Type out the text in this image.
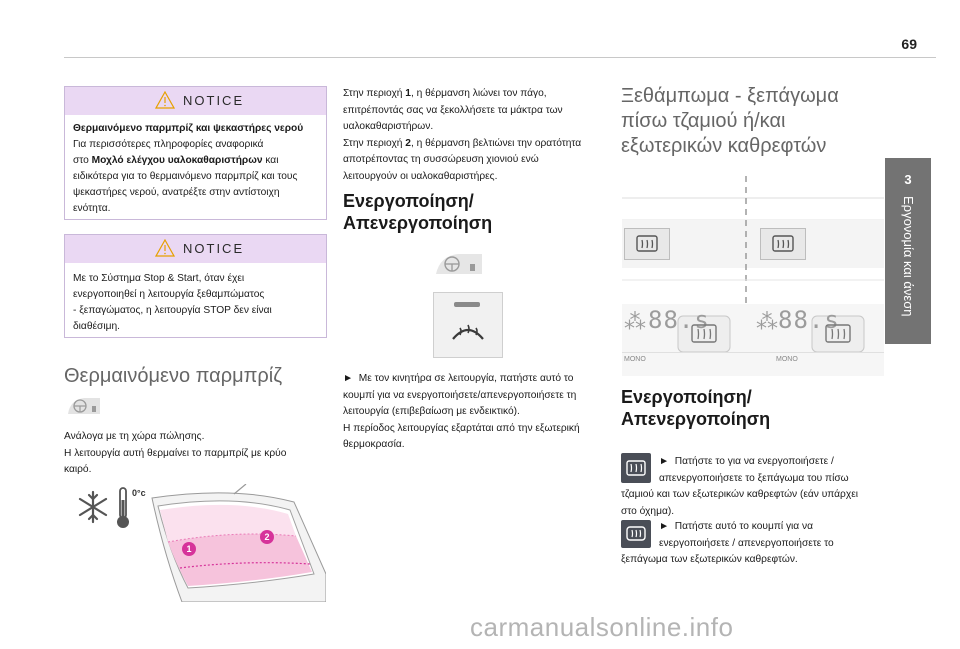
69
3
Εργονομία και άνεση
NOTICE
Θερμαινόμενο παρμπρίζ και ψεκαστήρες νερού
Για περισσότερες πληροφορίες αναφορικά
στο Μοχλό ελέγχου υαλοκαθαριστήρων και
ειδικότερα για το θερμαινόμενο παρμπρίζ και τους
ψεκαστήρες νερού, ανατρέξτε στην αντίστοιχη
ενότητα.
NOTICE
Με το Σύστημα Stop & Start, όταν έχει
ενεργοποιηθεί η λειτουργία ξεθαμπώματος
- ξεπαγώματος, η λειτουργία STOP δεν είναι
διαθέσιμη.
Θερμαινόμενο παρμπρίζ
Ανάλογα με τη χώρα πώλησης.
Η λειτουργία αυτή θερμαίνει το παρμπρίζ με κρύο
καιρό.
0°c
1
2
Στην περιοχή 1, η θέρμανση λιώνει τον πάγο,
επιτρέποντάς σας να ξεκολλήσετε τα μάκτρα των
υαλοκαθαριστήρων.
Στην περιοχή 2, η θέρμανση βελτιώνει την ορατότητα
αποτρέποντας τη συσσώρευση χιονιού ενώ
λειτουργούν οι υαλοκαθαριστήρες.
Ενεργοποίηση/
Απενεργοποίηση
► Με τον κινητήρα σε λειτουργία, πατήστε αυτό το
κουμπί για να ενεργοποιήσετε/απενεργοποιήσετε τη
λειτουργία (επιβεβαίωση με ενδεικτικό).
Η περίοδος λειτουργίας εξαρτάται από την εξωτερική
θερμοκρασία.
Ξεθάμπωμα - ξεπάγωμα
πίσω τζαμιού ή/και
εξωτερικών καθρεφτών
⁂ 88.s ⁂ 88.s
MONO	MONO
Ενεργοποίηση/
Απενεργοποίηση
► Πατήστε το για να ενεργοποιήσετε /
απενεργοποιήσετε το ξεπάγωμα του πίσω
τζαμιού και των εξωτερικών καθρεφτών (εάν υπάρχει
στο όχημα).
► Πατήστε αυτό το κουμπί για να
ενεργοποιήσετε / απενεργοποιήσετε το
ξεπάγωμα των εξωτερικών καθρεφτών.
carmanualsonline.info
